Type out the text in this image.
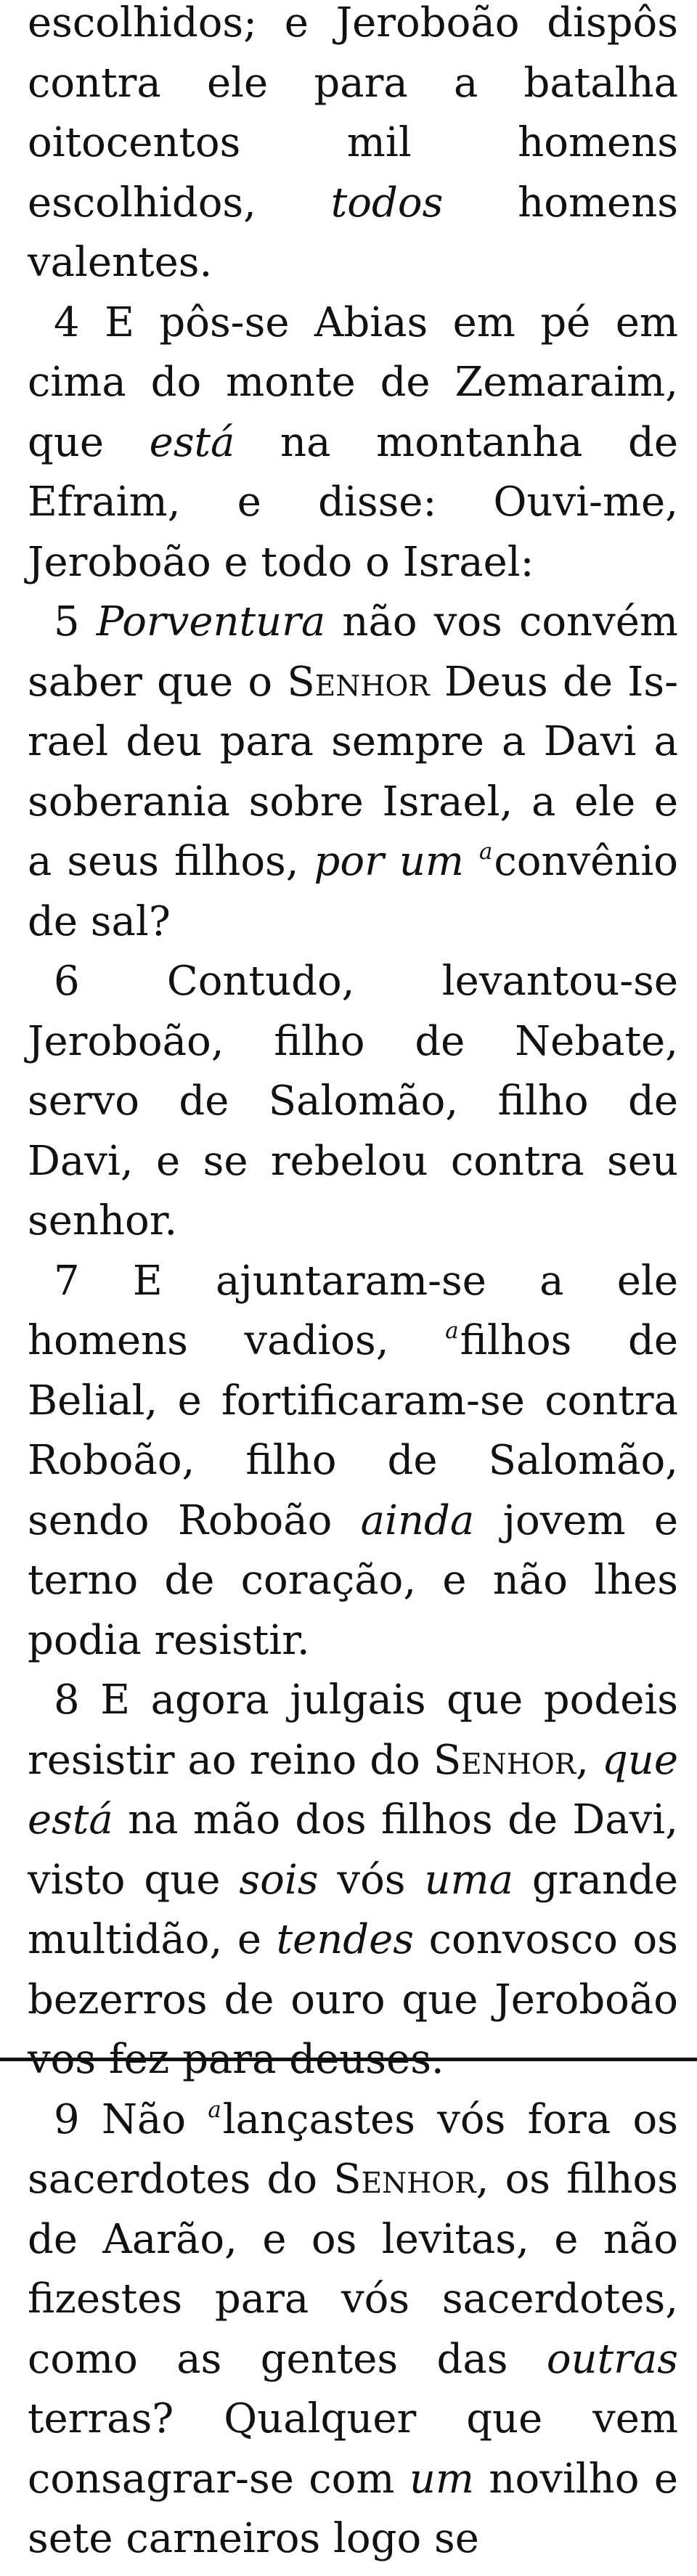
escolhidos; e Jeroboão dispôs contra ele para a batalha oitocentos mil homens escolhidos, todos homens valentes.

4 E pôs-se Abias em pé em cima do monte de Zemaraim, que está na montanha de Efraim, e disse: Ouvi-me, Jeroboão e todo o Israel:

5 Porventura não vos convém saber que o Senhor Deus de Israel deu para sempre a Davi a soberania sobre Israel, a ele e a seus filhos, por um $^a$convênio de sal?

6 Contudo, levantou-se Jeroboão, filho de Nebate, servo de Salomão, filho de Davi, e se rebelou contra seu senhor.

7 E ajuntaram-se a ele homens vadios, $^a$filhos de Belial, e fortificaram-se contra Roboão, filho de Salomão, sendo Roboão ainda jovem e terno de coração, e não lhes podia resistir.

8 E agora julgais que podeis resistir ao reino do Senhor, que está na mão dos filhos de Davi, visto que sois vós uma grande multidão, e tendes convosco os bezerros de ouro que Jeroboão vos fez para deuses.

9 Não $^a$lançastes vós fora os sacerdotes do Senhor, os filhos de Aarão, e os levitas, e não fizestes para vós sacerdotes, como as gentes das outras terras? Qualquer que vem consagrar-se com um novilho e sete carneiros logo se
